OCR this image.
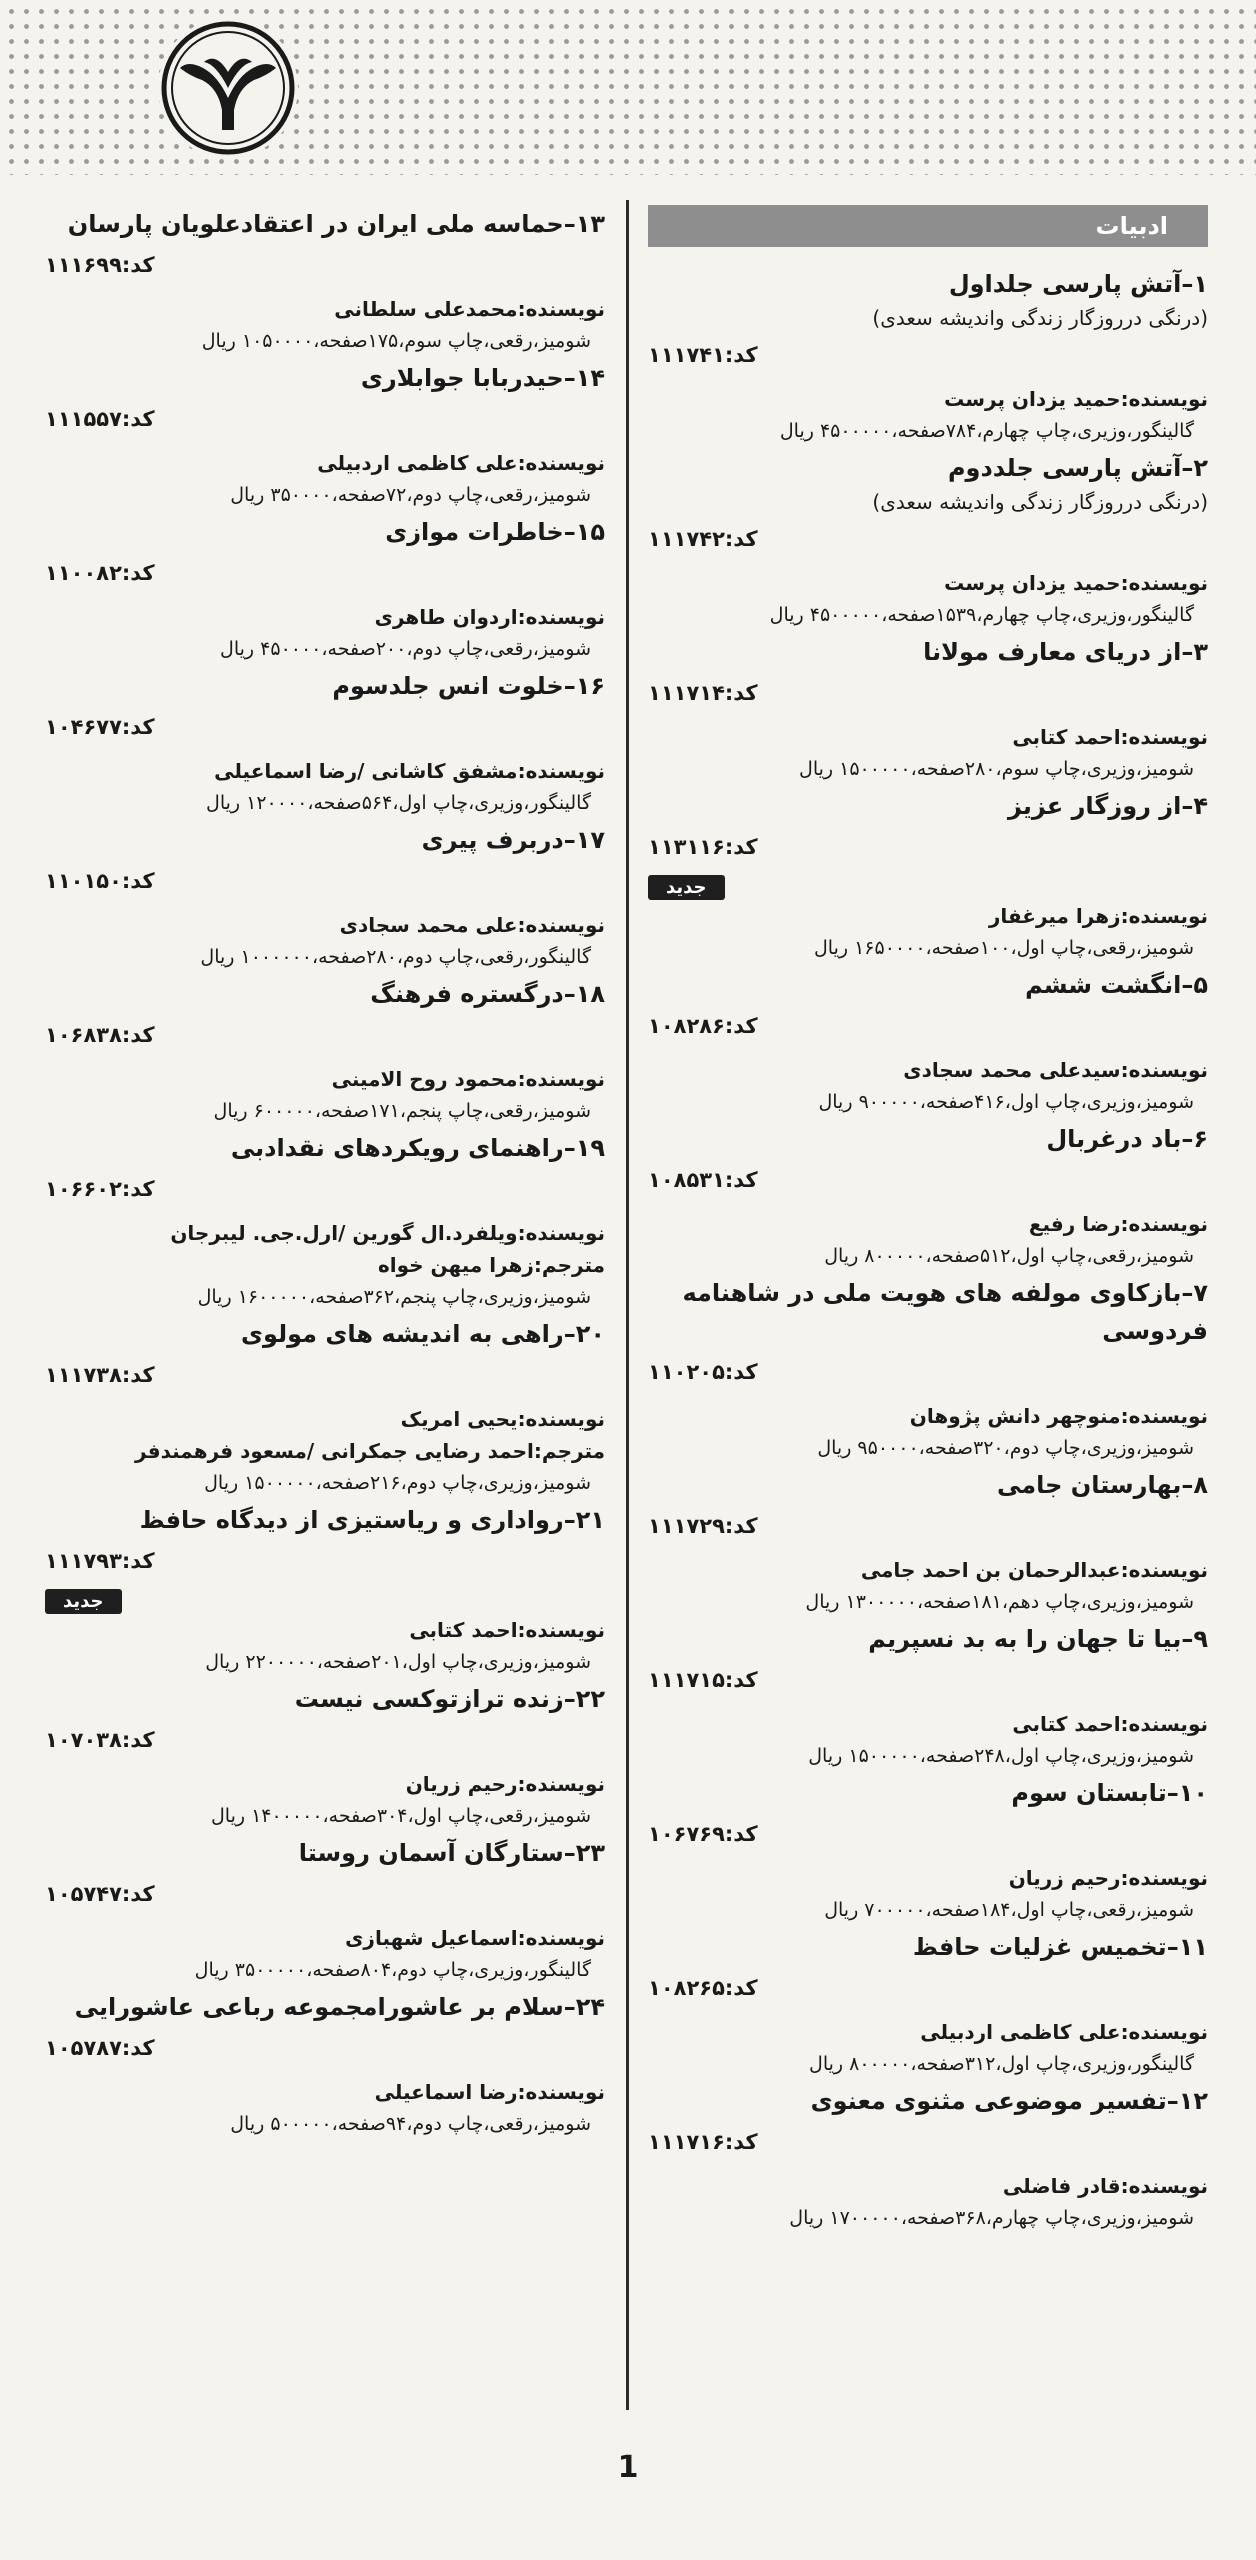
ادبیات
۱–آتش پارسی جلداول
(درنگی درروزگار زندگی واندیشه سعدی)
کد:۱۱۱۷۴۱
نویسنده:حمید یزدان پرست
گالینگور،وزیری،چاپ چهارم،۷۸۴صفحه،۴۵۰۰۰۰۰ ریال
۲–آتش پارسی جلددوم
(درنگی درروزگار زندگی واندیشه سعدی)
کد:۱۱۱۷۴۲
نویسنده:حمید یزدان پرست
گالینگور،وزیری،چاپ چهارم،۱۵۳۹صفحه،۴۵۰۰۰۰۰ ریال
۳–از دریای معارف مولانا
کد:۱۱۱۷۱۴
نویسنده:احمد کتابی
شومیز،وزیری،چاپ سوم،۲۸۰صفحه،۱۵۰۰۰۰۰ ریال
۴–از روزگار عزیز
کد:۱۱۳۱۱۶
جدید
نویسنده:زهرا میرغفار
شومیز،رقعی،چاپ اول،۱۰۰صفحه،۱۶۵۰۰۰۰ ریال
۵–انگشت ششم
کد:۱۰۸۲۸۶
نویسنده:سیدعلی محمد سجادی
شومیز،وزیری،چاپ اول،۴۱۶صفحه،۹۰۰۰۰۰ ریال
۶–باد درغربال
کد:۱۰۸۵۳۱
نویسنده:رضا رفیع
شومیز،رقعی،چاپ اول،۵۱۲صفحه،۸۰۰۰۰۰ ریال
۷–بازکاوی مولفه های هویت ملی در شاهنامه فردوسی
کد:۱۱۰۲۰۵
نویسنده:منوچهر دانش پژوهان
شومیز،وزیری،چاپ دوم،۳۲۰صفحه،۹۵۰۰۰۰ ریال
۸–بهارستان جامی
کد:۱۱۱۷۲۹
نویسنده:عبدالرحمان بن احمد جامی
شومیز،وزیری،چاپ دهم،۱۸۱صفحه،۱۳۰۰۰۰۰ ریال
۹–بیا تا جهان را به بد نسپریم
کد:۱۱۱۷۱۵
نویسنده:احمد کتابی
شومیز،وزیری،چاپ اول،۲۴۸صفحه،۱۵۰۰۰۰۰ ریال
۱۰–تابستان سوم
کد:۱۰۶۷۶۹
نویسنده:رحیم زریان
شومیز،رقعی،چاپ اول،۱۸۴صفحه،۷۰۰۰۰۰ ریال
۱۱–تخمیس غزلیات حافظ
کد:۱۰۸۲۶۵
نویسنده:علی کاظمی اردبیلی
گالینگور،وزیری،چاپ اول،۳۱۲صفحه،۸۰۰۰۰۰ ریال
۱۲–تفسیر موضوعی مثنوی معنوی
کد:۱۱۱۷۱۶
نویسنده:قادر فاضلی
شومیز،وزیری،چاپ چهارم،۳۶۸صفحه،۱۷۰۰۰۰۰ ریال
۱۳–حماسه ملی ایران در اعتقادعلویان پارسان
کد:۱۱۱۶۹۹
نویسنده:محمدعلی سلطانی
شومیز،رقعی،چاپ سوم،۱۷۵صفحه،۱۰۵۰۰۰۰ ریال
۱۴–حیدربابا جوابلاری
کد:۱۱۱۵۵۷
نویسنده:علی کاظمی اردبیلی
شومیز،رقعی،چاپ دوم،۷۲صفحه،۳۵۰۰۰۰ ریال
۱۵–خاطرات موازی
کد:۱۱۰۰۸۲
نویسنده:اردوان طاهری
شومیز،رقعی،چاپ دوم،۲۰۰صفحه،۴۵۰۰۰۰ ریال
۱۶–خلوت انس جلدسوم
کد:۱۰۴۶۷۷
نویسنده:مشفق کاشانی /رضا اسماعیلی
گالینگور،وزیری،چاپ اول،۵۶۴صفحه،۱۲۰۰۰۰ ریال
۱۷–دربرف پیری
کد:۱۱۰۱۵۰
نویسنده:علی محمد سجادی
گالینگور،رقعی،چاپ دوم،۲۸۰صفحه،۱۰۰۰۰۰۰ ریال
۱۸–درگستره فرهنگ
کد:۱۰۶۸۳۸
نویسنده:محمود روح الامینی
شومیز،رقعی،چاپ پنجم،۱۷۱صفحه،۶۰۰۰۰۰ ریال
۱۹–راهنمای رویکردهای نقدادبی
کد:۱۰۶۶۰۲
نویسنده:ویلفرد.ال گورین /ارل.جی. لیبرجان
مترجم:زهرا میهن خواه
شومیز،وزیری،چاپ پنجم،۳۶۲صفحه،۱۶۰۰۰۰۰ ریال
۲۰–راهی به اندیشه های مولوی
کد:۱۱۱۷۳۸
نویسنده:یحیی امریک
مترجم:احمد رضایی جمکرانی /مسعود فرهمندفر
شومیز،وزیری،چاپ دوم،۲۱۶صفحه،۱۵۰۰۰۰۰ ریال
۲۱–رواداری و ریاستیزی از دیدگاه حافظ
کد:۱۱۱۷۹۳
جدید
نویسنده:احمد کتابی
شومیز،وزیری،چاپ اول،۲۰۱صفحه،۲۲۰۰۰۰۰ ریال
۲۲–زنده ترازتوکسی نیست
کد:۱۰۷۰۳۸
نویسنده:رحیم زریان
شومیز،رقعی،چاپ اول،۳۰۴صفحه،۱۴۰۰۰۰۰ ریال
۲۳–ستارگان آسمان روستا
کد:۱۰۵۷۴۷
نویسنده:اسماعیل شهبازی
گالینگور،وزیری،چاپ دوم،۸۰۴صفحه،۳۵۰۰۰۰۰ ریال
۲۴–سلام بر عاشورامجموعه رباعی عاشورایی
کد:۱۰۵۷۸۷
نویسنده:رضا اسماعیلی
شومیز،رقعی،چاپ دوم،۹۴صفحه،۵۰۰۰۰۰ ریال
1
